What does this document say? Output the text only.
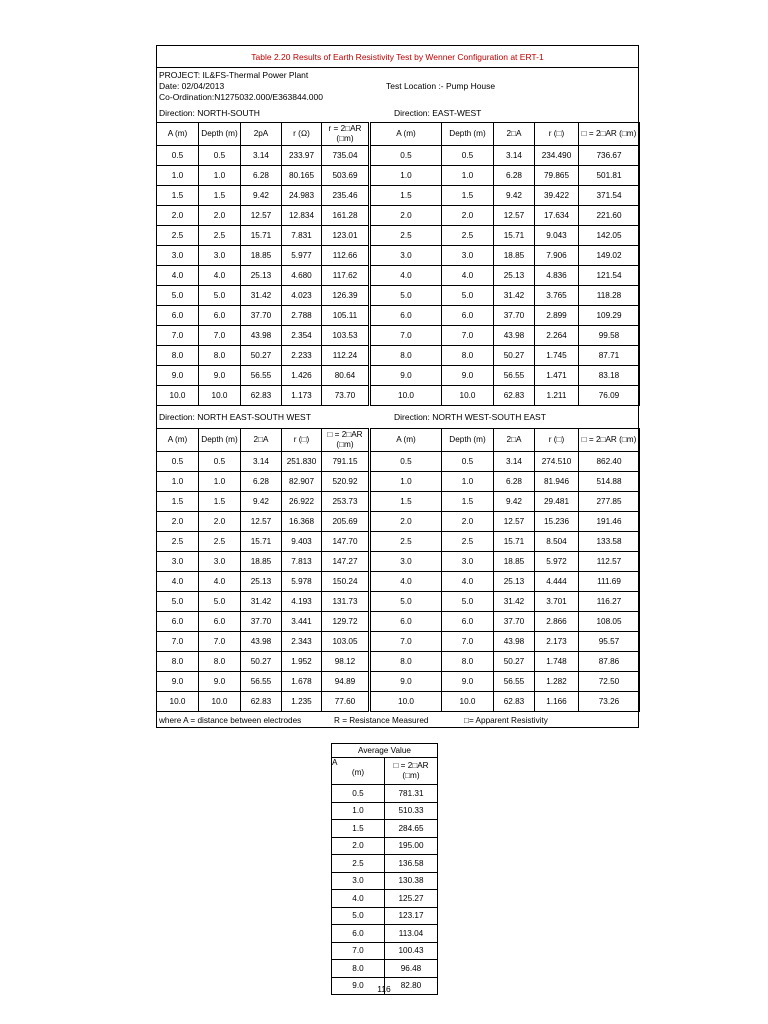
Table 2.20 Results of Earth Resistivity Test by Wenner Configuration at ERT-1
PROJECT: IL&FS-Thermal Power Plant
Date: 02/04/2013
Co-Ordination:N1275032.000/E363844.000
Test Location :- Pump House
Direction: NORTH-SOUTH	Direction: EAST-WEST
A (m)	Depth (m)	2pA	r (Ω)	r = 2□AR (□m)	A (m)	Depth (m)	2□A	r (□)	□ = 2□AR (□m)
0.5	0.5	3.14	233.97	735.04	0.5	0.5	3.14	234.490	736.67
1.0	1.0	6.28	80.165	503.69	1.0	1.0	6.28	79.865	501.81
1.5	1.5	9.42	24.983	235.46	1.5	1.5	9.42	39.422	371.54
2.0	2.0	12.57	12.834	161.28	2.0	2.0	12.57	17.634	221.60
2.5	2.5	15.71	7.831	123.01	2.5	2.5	15.71	9.043	142.05
3.0	3.0	18.85	5.977	112.66	3.0	3.0	18.85	7.906	149.02
4.0	4.0	25.13	4.680	117.62	4.0	4.0	25.13	4.836	121.54
5.0	5.0	31.42	4.023	126.39	5.0	5.0	31.42	3.765	118.28
6.0	6.0	37.70	2.788	105.11	6.0	6.0	37.70	2.899	109.29
7.0	7.0	43.98	2.354	103.53	7.0	7.0	43.98	2.264	99.58
8.0	8.0	50.27	2.233	112.24	8.0	8.0	50.27	1.745	87.71
9.0	9.0	56.55	1.426	80.64	9.0	9.0	56.55	1.471	83.18
10.0	10.0	62.83	1.173	73.70	10.0	10.0	62.83	1.211	76.09
Direction: NORTH EAST-SOUTH WEST	Direction: NORTH WEST-SOUTH EAST
A (m)	Depth (m)	2□A	r (□)	□ = 2□AR (□m)	A (m)	Depth (m)	2□A	r (□)	□ = 2□AR (□m)
0.5	0.5	3.14	251.830	791.15	0.5	0.5	3.14	274.510	862.40
1.0	1.0	6.28	82.907	520.92	1.0	1.0	6.28	81.946	514.88
1.5	1.5	9.42	26.922	253.73	1.5	1.5	9.42	29.481	277.85
2.0	2.0	12.57	16.368	205.69	2.0	2.0	12.57	15.236	191.46
2.5	2.5	15.71	9.403	147.70	2.5	2.5	15.71	8.504	133.58
3.0	3.0	18.85	7.813	147.27	3.0	3.0	18.85	5.972	112.57
4.0	4.0	25.13	5.978	150.24	4.0	4.0	25.13	4.444	111.69
5.0	5.0	31.42	4.193	131.73	5.0	5.0	31.42	3.701	116.27
6.0	6.0	37.70	3.441	129.72	6.0	6.0	37.70	2.866	108.05
7.0	7.0	43.98	2.343	103.05	7.0	7.0	43.98	2.173	95.57
8.0	8.0	50.27	1.952	98.12	8.0	8.0	50.27	1.748	87.86
9.0	9.0	56.55	1.678	94.89	9.0	9.0	56.55	1.282	72.50
10.0	10.0	62.83	1.235	77.60	10.0	10.0	62.83	1.166	73.26
where A = distance between electrodes	R = Resistance Measured	□= Apparent Resistivity
Average Value	
A

(m)	□ = 2□AR (□m)
0.5	781.31
1.0	510.33
1.5	284.65
2.0	195.00
2.5	136.58
3.0	130.38
4.0	125.27
5.0	123.17
6.0	113.04
7.0	100.43
8.0	96.48
9.0	82.80
116
